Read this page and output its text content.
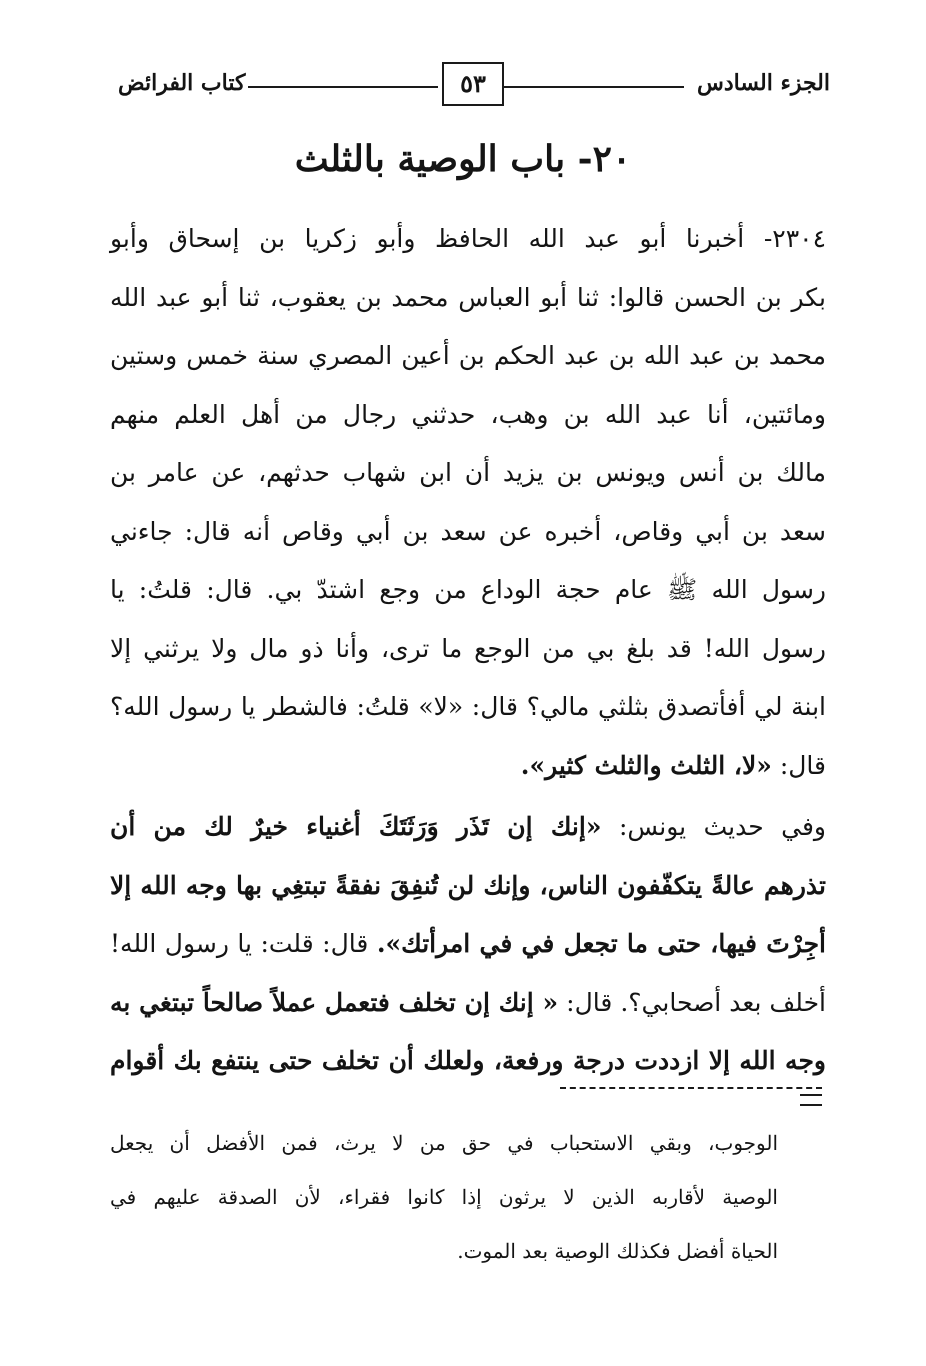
الجزء السادس
٥٣
كتاب الفرائض
٢٠- باب الوصية بالثلث
٢٣٠٤- أخبرنا أبو عبد الله الحافظ وأبو زكريا بن إسحاق وأبو
بكر بن الحسن قالوا: ثنا أبو العباس محمد بن يعقوب، ثنا أبو عبد الله
محمد بن عبد الله بن عبد الحكم بن أعين المصري سنة خمس وستين
ومائتين، أنا عبد الله بن وهب، حدثني رجال من أهل العلم منهم
مالك بن أنس ويونس بن يزيد أن ابن شهاب حدثهم، عن عامر بن
سعد بن أبي وقاص، أخبره عن سعد بن أبي وقاص أنه قال: جاءني
رسول الله ﷺ عام حجة الوداع من وجع اشتدّ بي. قال: قلتُ: يا
رسول الله! قد بلغ بي من الوجع ما ترى، وأنا ذو مال ولا يرثني إلا
ابنة لي أفأتصدق بثلثي مالي؟ قال: «لا» قلتُ: فالشطر يا رسول الله؟
قال: «لا، الثلث والثلث كثير».
وفي حديث يونس: «إنك إن تَذَر وَرَثَتَكَ أغنياء خيرٌ لك من أن
تذرهم عالةً يتكفّفون الناس، وإنك لن تُنفِقَ نفقةً تبتغِي بها وجه الله إلا
أجِرْتَ فيها، حتى ما تجعل في في امرأتك». قال: قلت: يا رسول الله!
أخلف بعد أصحابي؟. قال: « إنك إن تخلف فتعمل عملاً صالحاً تبتغي به
وجه الله إلا ازددت درجة ورفعة، ولعلك أن تخلف حتى ينتفع بك أقوام
الوجوب، وبقي الاستحباب في حق من لا يرث، فمن الأفضل أن يجعل
الوصية لأقاربه الذين لا يرثون إذا كانوا فقراء، لأن الصدقة عليهم في
الحياة أفضل فكذلك الوصية بعد الموت.
